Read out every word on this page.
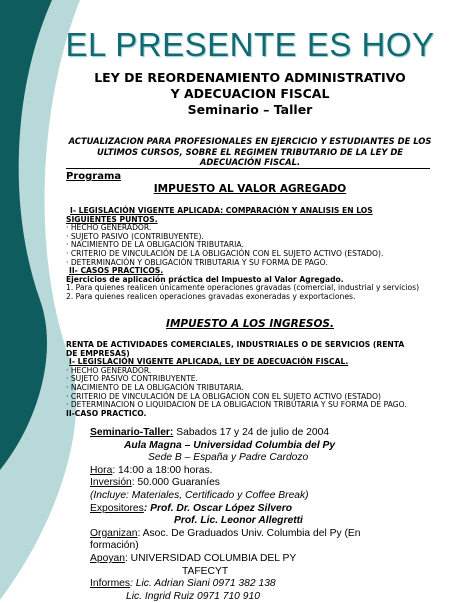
EL PRESENTE ES HOY
LEY DE REORDENAMIENTO ADMINISTRATIVO
Y ADECUACION FISCAL
Seminario – Taller
ACTUALIZACION PARA PROFESIONALES EN EJERCICIO Y ESTUDIANTES DE LOS
ULTIMOS CURSOS, SOBRE EL REGIMEN TRIBUTARIO DE LA LEY DE
ADECUACIÓN FISCAL.
Programa
IMPUESTO AL VALOR AGREGADO
I- LEGISLACIÓN VIGENTE APLICADA: COMPARACIÓN Y ANALISIS EN LOS
SIGUIENTES PUNTOS.
· HECHO GENERADOR.
· SUJETO PASIVO (CONTRIBUYENTE).
· NACIMIENTO DE LA OBLIGACIÓN TRIBUTARIA.
· CRITERIO DE VINCULACIÓN DE LA OBLIGACIÓN CON EL SUJETO ACTIVO (ESTADO).
· DETERMINACIÓN Y OBLIGACIÓN TRIBUTARIA Y SU FORMA DE PAGO.
II- CASOS PRACTICOS.
Ejercicios de aplicación práctica del Impuesto al Valor Agregado.
1. Para quienes realicen únicamente operaciones gravadas (comercial, industrial y servicios)
2. Para quienes realicen operaciones gravadas exoneradas y exportaciones.
IMPUESTO A LOS INGRESOS.
RENTA DE ACTIVIDADES COMERCIALES, INDUSTRIALES O DE SERVICIOS (RENTA
DE EMPRESAS)
I- LEGISLACIÓN VIGENTE APLICADA, LEY DE ADECUACIÓN FISCAL.
· HECHO GENERADOR.
· SUJETO PASIVO CONTRIBUYENTE.
· NACIMIENTO DE LA OBLIGACIÓN TRIBUTARIA.
· CRITERIO DE VINCULACIÓN DE LA OBLIGACION CON EL SUJETO ACTIVO (ESTADO)
· DETERMINACION O LIQUIDACION DE LA OBLIGACION TRIBUTARIA Y SU FORMA DE PAGO.
II-CASO PRACTICO.
Seminario-Taller: Sabados 17 y 24 de julio de 2004
Aula Magna – Universidad Columbia del Py
Sede B – España y Padre Cardozo
Hora: 14:00 a 18:00 horas.
Inversión: 50.000 Guaraníes
(Incluye: Materiales, Certificado y Coffee Break)
Expositores: Prof. Dr. Oscar López Silvero
Prof. Lic. Leonor Allegretti
Organizan: Asoc. De Graduados Univ. Columbia del Py (En
formación)
Apoyan: UNIVERSIDAD COLUMBIA DEL PY
TAFECYT
Informes: Lic. Adrian Siani 0971 382 138
Lic. Ingrid Ruiz 0971 710 910
